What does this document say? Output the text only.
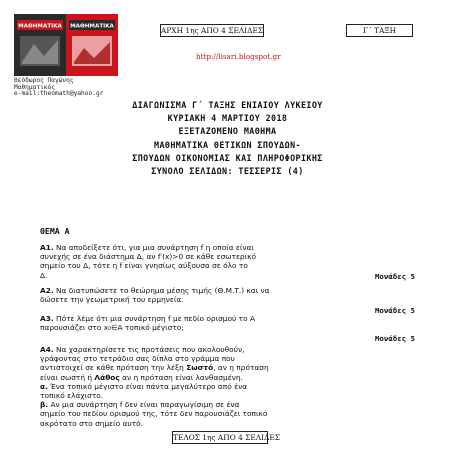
ΜΑΘΗΜΑΤΙΚΑ ΜΑΘΗΜΑΤΙΚΑ
Θεόδωρος Παγώνης
Μαθηματικός
e-mail:theomath@yahoo.gr
ΑΡΧΗ 1ης ΑΠΟ 4 ΣΕΛΙΔΕΣ	Γ΄ ΤΑΞΗ
http://lisari.blogspot.gr
ΔΙΑΓΩΝΙΣΜΑ Γ΄ ΤΑΞΗΣ ΕΝΙΑΙΟΥ ΛΥΚΕΙΟΥ
ΚΥΡΙΑΚΗ 4 ΜΑΡΤΙΟΥ 2018
ΕΞΕΤΑΖΟΜΕΝΟ ΜΑΘΗΜΑ
ΜΑΘΗΜΑΤΙΚΑ ΘΕΤΙΚΩΝ ΣΠΟΥΔΩΝ-
ΣΠΟΥΔΩΝ ΟΙΚΟΝΟΜΙΑΣ ΚΑΙ ΠΛΗΡΟΦΟΡΙΚΗΣ
ΣΥΝΟΛΟ ΣΕΛΙΔΩΝ: ΤΕΣΣΕΡΙΣ (4)
ΘΕΜΑ Α
Α1. Να αποδείξετε ότι, για μια συνάρτηση f η οποία είναι
συνεχής σε ένα διάστημα Δ, αν f′(x)>0 σε κάθε εσωτερικό
σημείο του Δ, τότε η f είναι γνησίως αύξουσα σε όλο το
Δ.	Μονάδες 5
Α2. Να διατυπώσετε το θεώρημα μέσης τιμής (Θ.Μ.Τ.) και να
δώσετε την γεωμετρική του ερμηνεία.
Μονάδες 5
Α3. Πότε λέμε ότι μια συνάρτηση f με πεδίο ορισμού το Α
παρουσιάζει στο x₀∈A τοπικό μέγιστο;
Μονάδες 5
Α4. Να χαρακτηρίσετε τις προτάσεις που ακολουθούν,
γράφοντας στο τετράδιο σας δίπλα στο γράμμα που
αντιστοιχεί σε κάθε πρόταση την λέξη Σωστό, αν η πρόταση
είναι σωστή ή Λάθος αν η πρόταση είναι λανθασμένη.
α. Ένα τοπικό μέγιστο είναι πάντα μεγαλύτερο από ένα
τοπικό ελάχιστο.
β. Αν μια συνάρτηση f δεν είναι παραγωγίσιμη σε ένα
σημείο του πεδίου ορισμού της, τότε δεν παρουσιάζει τοπικό
ακρότατο στο σημείο αυτό.
ΤΕΛΟΣ 1ης ΑΠΟ 4 ΣΕΛΙΔΕΣ
